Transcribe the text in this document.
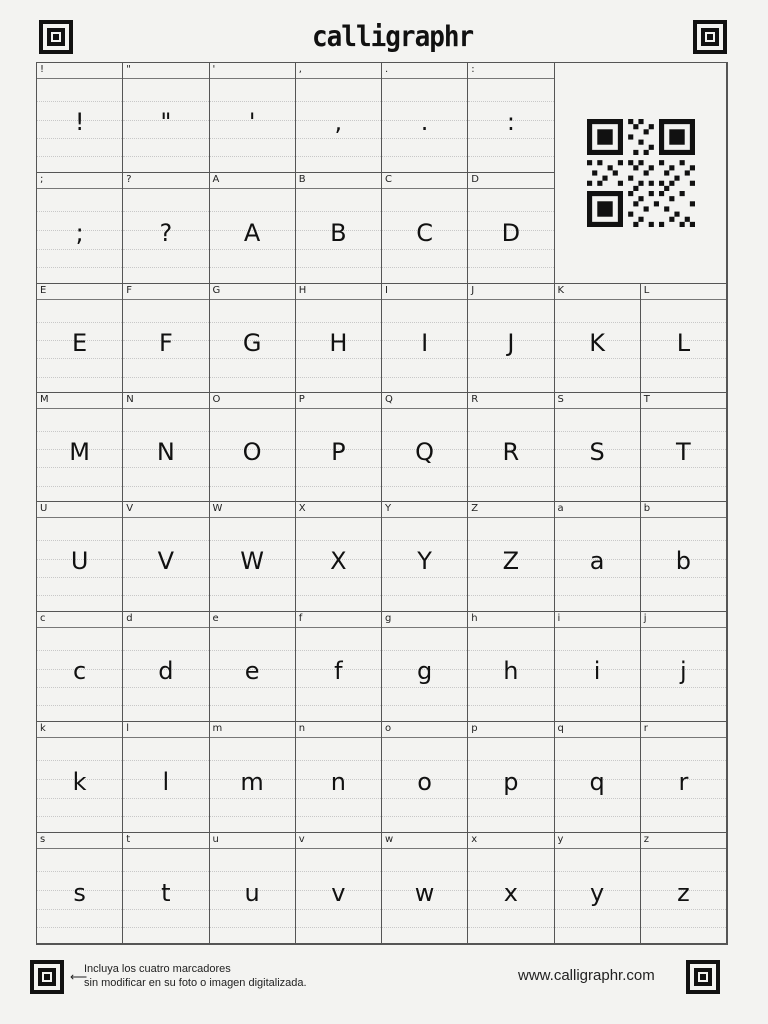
calligraphr
!
!
"
"
'
'
,
,
.
.
:
:
;
;
?
?
A
A
B
B
C
C
D
D
E
E
F
F
G
G
H
H
I
I
J
J
K
K
L
L
M
M
N
N
O
O
P
P
Q
Q
R
R
S
S
T
T
U
U
V
V
W
W
X
X
Y
Y
Z
Z
a
a
b
b
c
c
d
d
e
e
f
f
g
g
h
h
i
i
j
j
k
k
l
l
m
m
n
n
o
o
p
p
q
q
r
r
s
s
t
t
u
u
v
v
w
w
x
x
y
y
z
z
⟵
Incluya los cuatro marcadores
sin modificar en su foto o imagen digitalizada.	www.calligraphr.com
